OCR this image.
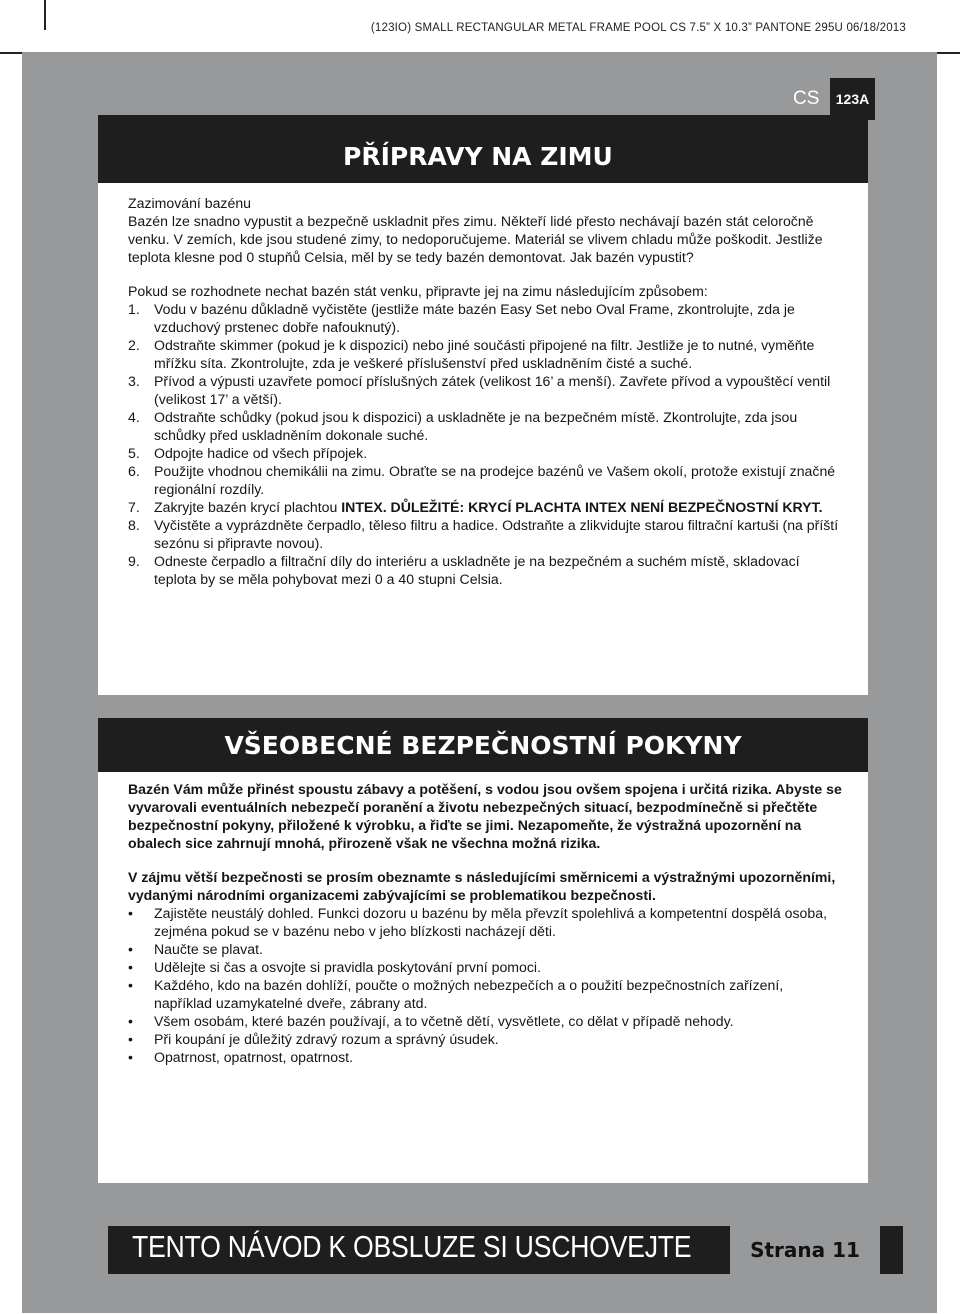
(123IO) SMALL RECTANGULAR METAL FRAME POOL CS 7.5” X 10.3” PANTONE 295U 06/18/2013
CS	123A
PŘÍPRAVY NA ZIMU
Zazimování bazénu
Bazén lze snadno vypustit a bezpečně uskladnit přes zimu. Někteří lidé přesto nechávají bazén stát celoročně venku. V zemích, kde jsou studené zimy, to nedoporučujeme. Materiál se vlivem chladu může poškodit. Jestliže teplota klesne pod 0 stupňů Celsia, měl by se tedy bazén demontovat. Jak bazén vypustit?
Pokud se rozhodnete nechat bazén stát venku, připravte jej na zimu následujícím způsobem:
1.	Vodu v bazénu důkladně vyčistěte (jestliže máte bazén Easy Set nebo Oval Frame, zkontrolujte, zda je vzduchový prstenec dobře nafouknutý).
2.	Odstraňte skimmer (pokud je k dispozici) nebo jiné součásti připojené na filtr. Jestliže je to nutné, vyměňte mřížku síta. Zkontrolujte, zda je veškeré příslušenství před uskladněním čisté a suché.
3.	Přívod a výpusti uzavřete pomocí příslušných zátek (velikost 16’ a menší). Zavřete přívod a vypouštěcí ventil (velikost 17’ a větší).
4.	Odstraňte schůdky (pokud jsou k dispozici) a uskladněte je na bezpečném místě. Zkontrolujte, zda jsou schůdky před uskladněním dokonale suché.
5.	Odpojte hadice od všech přípojek.
6.	Použijte vhodnou chemikálii na zimu. Obraťte se na prodejce bazénů ve Vašem okolí, protože existují značné regionální rozdíly.
7.	Zakryjte bazén krycí plachtou INTEX. DŮLEŽITÉ: KRYCÍ PLACHTA INTEX NENÍ BEZPEČNOSTNÍ KRYT.
8.	Vyčistěte a vyprázdněte čerpadlo, těleso filtru a hadice. Odstraňte a zlikvidujte starou filtrační kartuši (na příští sezónu si připravte novou).
9.	Odneste čerpadlo a filtrační díly do interiéru a uskladněte je na bezpečném a suchém místě, skladovací teplota by se měla pohybovat mezi 0 a 40 stupni Celsia.
VŠEOBECNÉ BEZPEČNOSTNÍ POKYNY
Bazén Vám může přinést spoustu zábavy a potěšení, s vodou jsou ovšem spojena i určitá rizika. Abyste se vyvarovali eventuálních nebezpečí poranění a životu nebezpečných situací, bezpodmínečně si přečtěte bezpečnostní pokyny, přiložené k výrobku, a řiďte se jimi. Nezapomeňte, že výstražná upozornění na obalech sice zahrnují mnohá, přirozeně však ne všechna možná rizika.
V zájmu větší bezpečnosti se prosím obeznamte s následujícími směrnicemi a výstražnými upozorněními, vydanými národními organizacemi zabývajícími se problematikou bezpečnosti.
•	Zajistěte neustálý dohled. Funkci dozoru u bazénu by měla převzít spolehlivá a kompetentní dospělá osoba, zejména pokud se v bazénu nebo v jeho blízkosti nacházejí děti.
•	Naučte se plavat.
•	Udělejte si čas a osvojte si pravidla poskytování první pomoci.
•	Každého, kdo na bazén dohlíží, poučte o možných nebezpečích a o použití bezpečnostních zařízení, například uzamykatelné dveře, zábrany atd.
•	Všem osobám, které bazén používají, a to včetně dětí, vysvětlete, co dělat v případě nehody.
•	Při koupání je důležitý zdravý rozum a správný úsudek.
•	Opatrnost, opatrnost, opatrnost.
TENTO NÁVOD K OBSLUZE SI USCHOVEJTE	Strana 11
